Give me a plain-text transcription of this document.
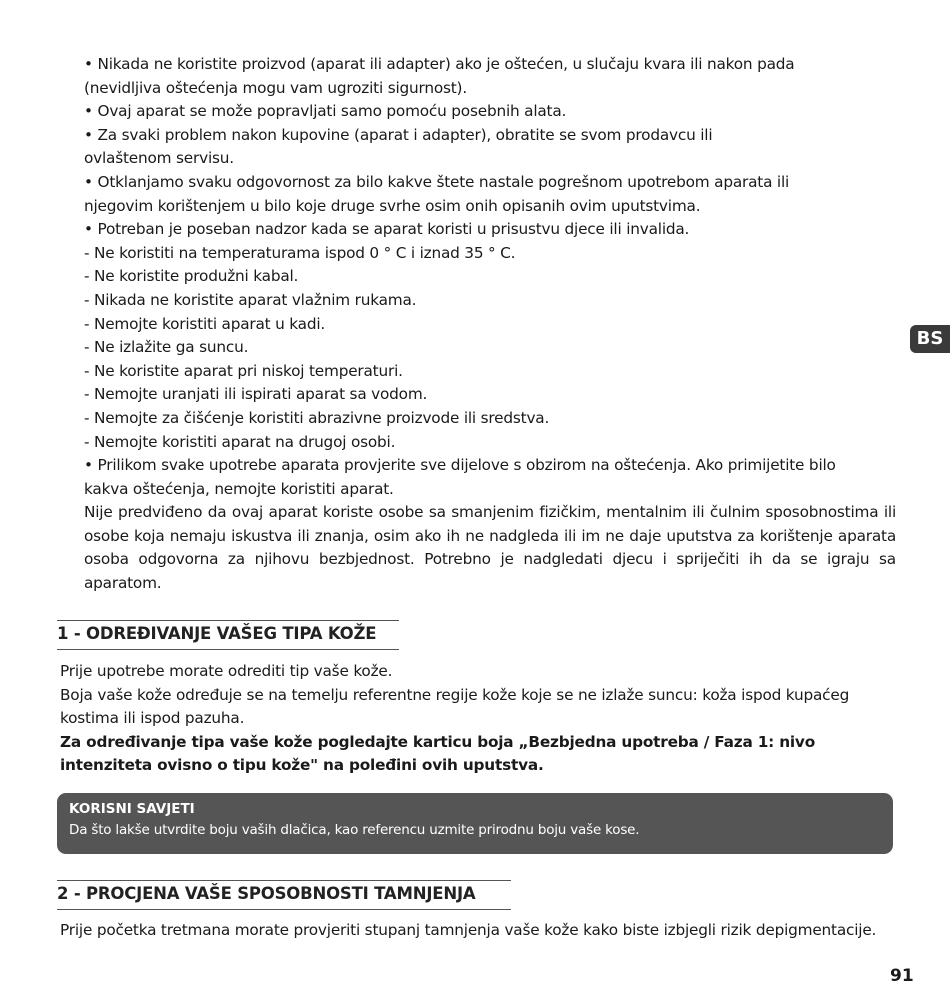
• Nikada ne koristite proizvod (aparat ili adapter) ako je oštećen, u slučaju kvara ili nakon pada
(nevidljiva oštećenja mogu vam ugroziti sigurnost).
• Ovaj aparat se može popravljati samo pomoću posebnih alata.
• Za svaki problem nakon kupovine (aparat i adapter), obratite se svom prodavcu ili
ovlaštenom servisu.
• Otklanjamo svaku odgovornost za bilo kakve štete nastale pogrešnom upotrebom aparata ili
njegovim korištenjem u bilo koje druge svrhe osim onih opisanih ovim uputstvima.
• Potreban je poseban nadzor kada se aparat koristi u prisustvu djece ili invalida.
- Ne koristiti na temperaturama ispod 0 ° C i iznad 35 ° C.
- Ne koristite produžni kabal.
- Nikada ne koristite aparat vlažnim rukama.
- Nemojte koristiti aparat u kadi.
- Ne izlažite ga suncu.
- Ne koristite aparat pri niskoj temperaturi.
- Nemojte uranjati ili ispirati aparat sa vodom.
- Nemojte za čišćenje koristiti abrazivne proizvode ili sredstva.
- Nemojte koristiti aparat na drugoj osobi.
• Prilikom svake upotrebe aparata provjerite sve dijelove s obzirom na oštećenja. Ako primijetite bilo
kakva oštećenja, nemojte koristiti aparat.
Nije predviđeno da ovaj aparat koriste osobe sa smanjenim fizičkim, mentalnim ili čulnim sposobnostima ili osobe koja nemaju iskustva ili znanja, osim ako ih ne nadgleda ili im ne daje uputstva za korištenje aparata osoba odgovorna za njihovu bezbjednost. Potrebno je nadgledati djecu i spriječiti ih da se igraju sa aparatom.
BS
1 - ODREĐIVANJE VAŠEG TIPA KOŽE
Prije upotrebe morate odrediti tip vaše kože.
Boja vaše kože određuje se na temelju referentne regije kože koje se ne izlaže suncu: koža ispod kupaćeg kostima ili ispod pazuha.
Za određivanje tipa vaše kože pogledajte karticu boja „Bezbjedna upotreba / Faza 1: nivo intenziteta ovisno o tipu kože" na poleđini ovih uputstva.
KORISNI SAVJETI
Da što lakše utvrdite boju vaših dlačica, kao referencu uzmite prirodnu boju vaše kose.
2 - PROCJENA VAŠE SPOSOBNOSTI TAMNJENJA
Prije početka tretmana morate provjeriti stupanj tamnjenja vaše kože kako biste izbjegli rizik depigmentacije.
91
